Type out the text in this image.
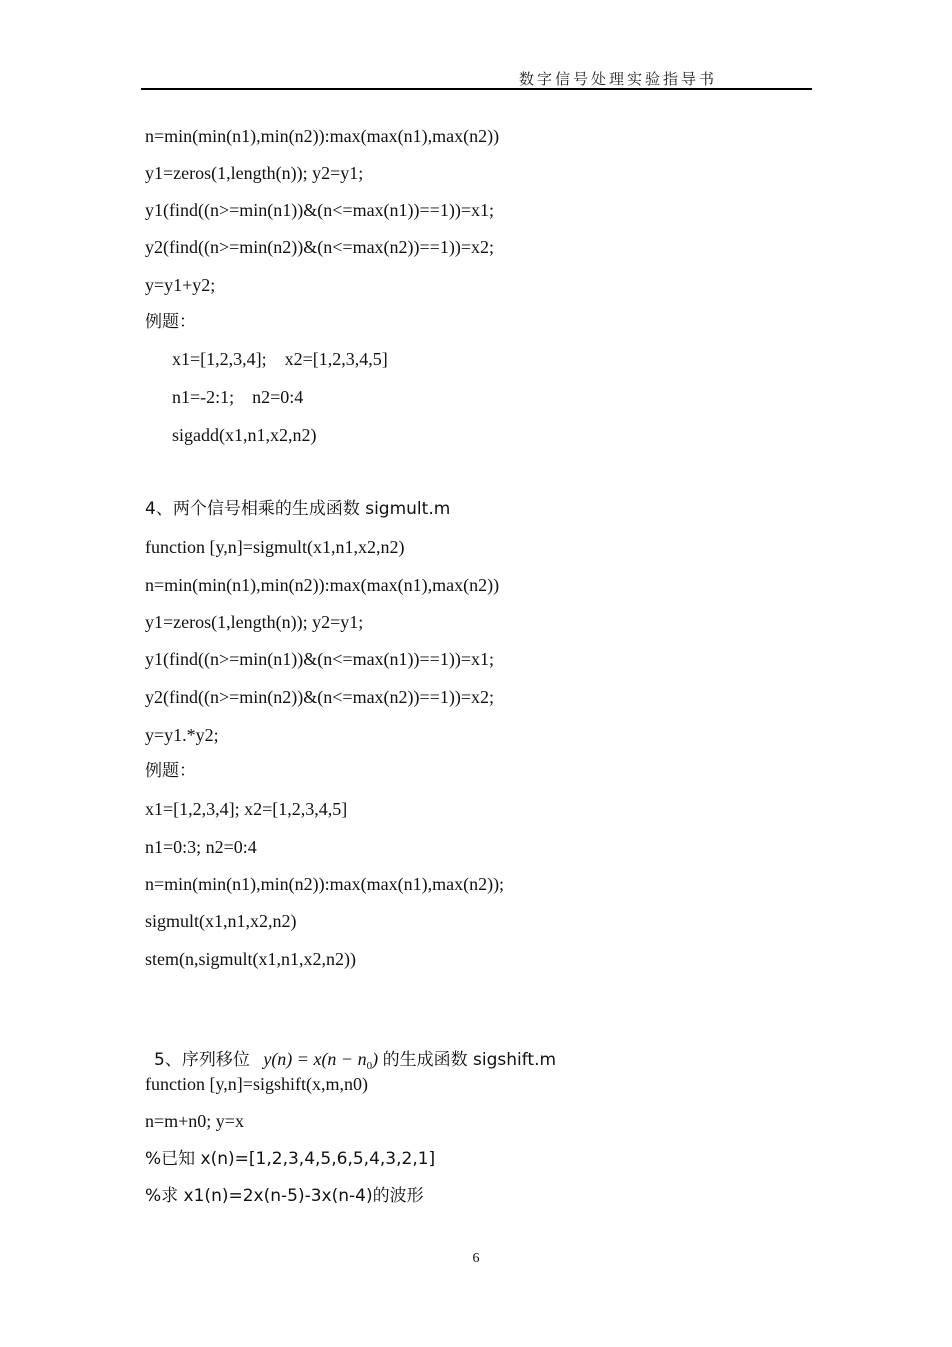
数字信号处理实验指导书
n=min(min(n1),min(n2)):max(max(n1),max(n2))
y1=zeros(1,length(n)); y2=y1;
y1(find((n>=min(n1))&(n<=max(n1))==1))=x1;
y2(find((n>=min(n2))&(n<=max(n2))==1))=x2;
y=y1+y2;
例题：
x1=[1,2,3,4];    x2=[1,2,3,4,5]
n1=-2:1;    n2=0:4
sigadd(x1,n1,x2,n2)
4、两个信号相乘的生成函数 sigmult.m
function [y,n]=sigmult(x1,n1,x2,n2)
n=min(min(n1),min(n2)):max(max(n1),max(n2))
y1=zeros(1,length(n)); y2=y1;
y1(find((n>=min(n1))&(n<=max(n1))==1))=x1;
y2(find((n>=min(n2))&(n<=max(n2))==1))=x2;
y=y1.*y2;
例题：
x1=[1,2,3,4]; x2=[1,2,3,4,5]
n1=0:3; n2=0:4
n=min(min(n1),min(n2)):max(max(n1),max(n2));
sigmult(x1,n1,x2,n2)
stem(n,sigmult(x1,n1,x2,n2))

5、序列移位 $y(n) = x(n - n_0)$ 的生成函数 sigshift.m

function [y,n]=sigshift(x,m,n0)
n=m+n0; y=x
%已知 x(n)=[1,2,3,4,5,6,5,4,3,2,1]
%求 x1(n)=2x(n-5)-3x(n-4)的波形
6
